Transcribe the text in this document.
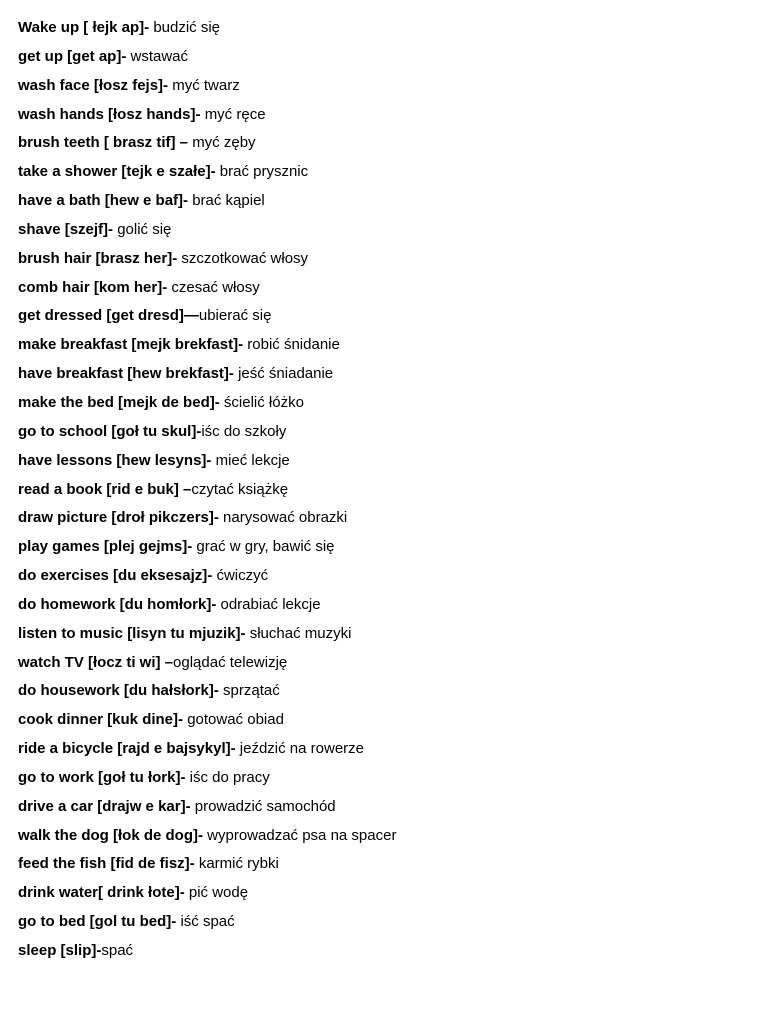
Wake up [ łejk ap]- budzić się
get up [get ap]- wstawać
wash face [łosz fejs]- myć twarz
wash hands [łosz hands]- myć ręce
brush teeth [ brasz tif] – myć zęby
take a shower [tejk e szałe]- brać prysznic
have a bath [hew e baf]- brać kąpiel
shave [szejf]- golić się
brush hair [brasz her]- szczotkować włosy
comb hair [kom her]- czesać włosy
get dressed [get dresd]—ubierać się
make breakfast [mejk brekfast]- robić śnidanie
have breakfast [hew brekfast]- jeść śniadanie
make the bed [mejk de bed]- ścielić łóżko
go to school [goł tu skul]-iśc do szkoły
have lessons [hew lesyns]- mieć lekcje
read a book [rid e buk] –czytać książkę
draw picture [droł pikczers]- narysować obrazki
play games [plej gejms]- grać w gry, bawić się
do exercises [du eksesajz]- ćwiczyć
do homework [du homłork]- odrabiać lekcje
listen to music [lisyn tu mjuzik]- słuchać muzyki
watch TV [łocz ti wi] –oglądać telewizję
do housework [du hałsłork]- sprzątać
cook dinner [kuk dine]- gotować obiad
ride a bicycle [rajd e bajsykyl]- jeździć na rowerze
go to work [goł tu łork]- iśc do pracy
drive a car [drajw e kar]- prowadzić samochód
walk the dog [łok de dog]- wyprowadzać psa na spacer
feed the fish [fid de fisz]- karmić rybki
drink water[ drink łote]- pić wodę
go to bed [gol tu bed]- iść spać
sleep [slip]-spać
